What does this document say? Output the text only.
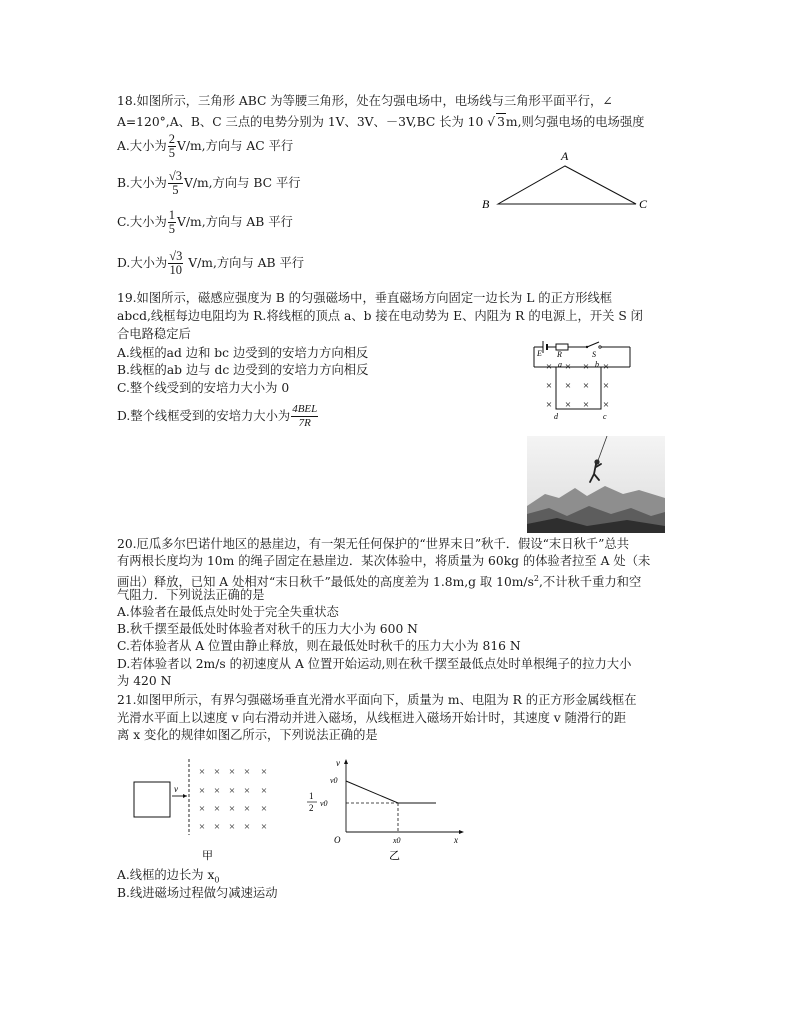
18.如图所示，三角形 ABC 为等腰三角形，处在匀强电场中，电场线与三角形平面平行，∠
A=120°,A、B、C 三点的电势分别为 1V、3V、－3V,BC 长为 10 √ 3m,则匀强电场的电场强度
A.大小为 $\frac{2}{5} V/m$,方向与 AC 平行
B.大小为 $\frac{√3}{5} V/m$,方向与 BC 平行
C.大小为 $\frac{1}{5} V/m$,方向与 AB 平行
D.大小为 $\frac{√3}{10} V/m$,方向与 AB 平行
A
B	C
19.如图所示，磁感应强度为 B 的匀强磁场中，垂直磁场方向固定一边长为 L 的正方形线框
abcd,线框每边电阻均为 R.将线框的顶点 a、b 接在电动势为 E、内阻为 R 的电源上，开关 S 闭
合电路稳定后
A.线框的ad 边和 bc 边受到的安培力方向相反
B.线框的ab 边与 dc 边受到的安培力方向相反
C.整个线受到的安培力大小为 0
D.整个线框受到的安培力大小为 $\frac{\text{4BEL}}{7R}$
E R	S
a	b
c
d
× × × ×
× × × ×
× × × ×
20.厄瓜多尔巴诺什地区的悬崖边，有一架无任何保护的“世界末日”秋千．假设“末日秋千”总共
有两根长度均为 10m 的绳子固定在悬崖边．某次体验中，将质量为 60kg 的体验者拉至 A 处（未
画出）释放，已知 A 处相对“末日秋千”最低处的高度差为 1.8m,g 取 $10m/s^2$,不计秋千重力和空
气阻力．下列说法正确的是
A.体验者在最低点处时处于完全失重状态
B.秋千摆至最低处时体验者对秋千的压力大小为 600 N
C.若体验者从 A 位置由静止释放，则在最低处时秋千的压力大小为 816 N
D.若体验者以 2m/s 的初速度从 A 位置开始运动,则在秋千摆至最低点处时单根绳子的拉力大小
为 420 N
21.如图甲所示，有界匀强磁场垂直光滑水平面向下，质量为 m、电阻为 R 的正方形金属线框在
光滑水平面上以速度 v 向右滑动并进入磁场，从线框进入磁场开始计时，其速度 v 随滑行的距
离 x 变化的规律如图乙所示，下列说法正确的是
v
× × × × ×
× × × × ×
× × × × ×
× × × × ×
甲
v
x
O
v0
1
2 v0
x0
乙
A.线框的边长为 $x_0$
B.线进磁场过程做匀减速运动
